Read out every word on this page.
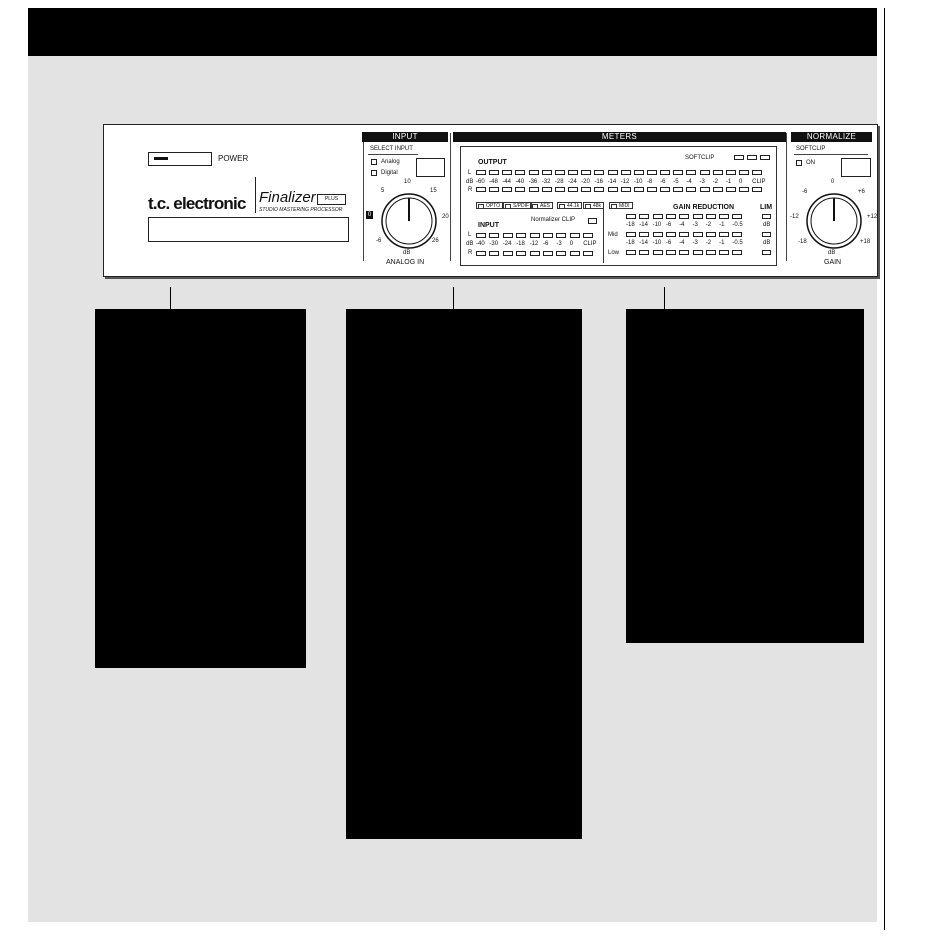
POWER
t.c. electronic Finalizer	PLUS
STUDIO MASTERING PROCESSOR
INPUT
SELECT INPUT
Analog
Digital
5
10
15
0	20
-6	26
dB
ANALOG IN
METERS
OUTPUT
SOFTCLIP
L
dB
R
INPUT
Normalizer CLIP
L
dB
R
GAIN REDUCTION	LIM
Mid
Low
NORMALIZE
SOFTCLIP
ON
0
-6	+6
-12	+12
-18	+18
dB
GAIN
-60 -48 -44 -40 -36 -32 -28 -24 -20 -16 -14 -12 -10 -8 -6 -5 -4 -3 -2 -1 0 CLIP
OPTO	S/PDIF	AES	44.1k	48k	MIDI
-40 -30 -24 -18 -12 -6 -3 0 CLIP
-18 -14 -10 -6 -4 -3 -2 -1 -0.5
-18 -14 -10 -6 -4 -3 -2 -1 -0.5
dB
dB
